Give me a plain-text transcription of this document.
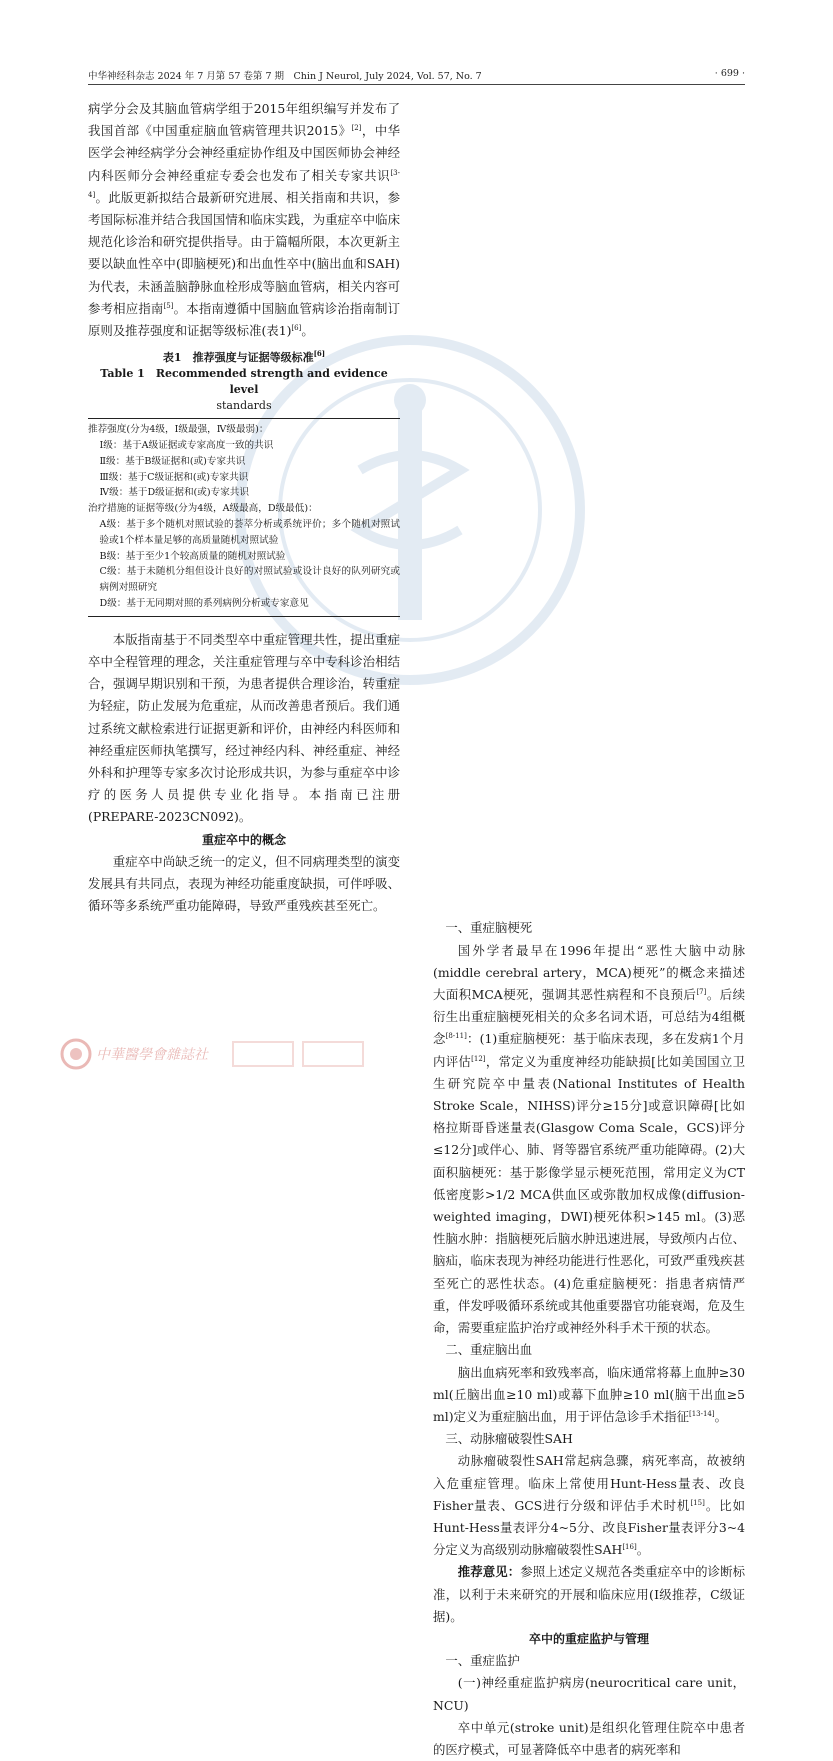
中华神经科杂志 2024 年 7 月第 57 卷第 7 期　Chin J Neurol, July 2024, Vol. 57, No. 7	· 699 ·

病学分会及其脑血管病学组于2015年组织编写并发布了我国首部《中国重症脑血管病管理共识2015》[2]，中华医学会神经病学分会神经重症协作组及中国医师协会神经内科医师分会神经重症专委会也发布了相关专家共识[3-4]。此版更新拟结合最新研究进展、相关指南和共识，参考国际标准并结合我国国情和临床实践，为重症卒中临床规范化诊治和研究提供指导。由于篇幅所限，本次更新主要以缺血性卒中(即脑梗死)和出血性卒中(脑出血和SAH)为代表，未涵盖脑静脉血栓形成等脑血管病，相关内容可参考相应指南[5]。本指南遵循中国脑血管病诊治指南制订原则及推荐强度和证据等级标准(表1)[6]。

表1　推荐强度与证据等级标准[6]
Table 1　Recommended strength and evidence level
standards
推荐强度(分为4级，Ⅰ级最强，Ⅳ级最弱)：
Ⅰ级：基于A级证据或专家高度一致的共识
Ⅱ级：基于B级证据和(或)专家共识
Ⅲ级：基于C级证据和(或)专家共识
Ⅳ级：基于D级证据和(或)专家共识
治疗措施的证据等级(分为4级，A级最高，D级最低)：
A级：基于多个随机对照试验的荟萃分析或系统评价；多个随机对照试验或1个样本量足够的高质量随机对照试验
B级：基于至少1个较高质量的随机对照试验
C级：基于未随机分组但设计良好的对照试验或设计良好的队列研究或病例对照研究
D级：基于无同期对照的系列病例分析或专家意见

本版指南基于不同类型卒中重症管理共性，提出重症卒中全程管理的理念，关注重症管理与卒中专科诊治相结合，强调早期识别和干预，为患者提供合理诊治，转重症为轻症，防止发展为危重症，从而改善患者预后。我们通过系统文献检索进行证据更新和评价，由神经内科医师和神经重症医师执笔撰写，经过神经内科、神经重症、神经外科和护理等专家多次讨论形成共识，为参与重症卒中诊疗的医务人员提供专业化指导。本指南已注册(PREPARE-2023CN092)。

重症卒中的概念

重症卒中尚缺乏统一的定义，但不同病理类型的演变发展具有共同点，表现为神经功能重度缺损，可伴呼吸、循环等多系统严重功能障碍，导致严重残疾甚至死亡。

一、重症脑梗死

国外学者最早在1996年提出“恶性大脑中动脉(middle cerebral artery，MCA)梗死”的概念来描述大面积MCA梗死，强调其恶性病程和不良预后[7]。后续衍生出重症脑梗死相关的众多名词术语，可总结为4组概念[8-11]：(1)重症脑梗死：基于临床表现，多在发病1个月内评估[12]，常定义为重度神经功能缺损[比如美国国立卫生研究院卒中量表(National Institutes of Health Stroke Scale，NIHSS)评分≥15分]或意识障碍[比如格拉斯哥昏迷量表(Glasgow Coma Scale，GCS)评分≤12分]或伴心、肺、肾等器官系统严重功能障碍。(2)大面积脑梗死：基于影像学显示梗死范围，常用定义为CT低密度影>1/2 MCA供血区或弥散加权成像(diffusion-weighted imaging，DWI)梗死体积>145 ml。(3)恶性脑水肿：指脑梗死后脑水肿迅速进展，导致颅内占位、脑疝，临床表现为神经功能进行性恶化，可致严重残疾甚至死亡的恶性状态。(4)危重症脑梗死：指患者病情严重，伴发呼吸循环系统或其他重要器官功能衰竭，危及生命，需要重症监护治疗或神经外科手术干预的状态。

二、重症脑出血

脑出血病死率和致残率高，临床通常将幕上血肿≥30 ml(丘脑出血≥10 ml)或幕下血肿≥10 ml(脑干出血≥5 ml)定义为重症脑出血，用于评估急诊手术指征[13-14]。

三、动脉瘤破裂性SAH

动脉瘤破裂性SAH常起病急骤，病死率高，故被纳入危重症管理。临床上常使用Hunt-Hess量表、改良Fisher量表、GCS进行分级和评估手术时机[15]。比如Hunt-Hess量表评分4~5分、改良Fisher量表评分3~4分定义为高级别动脉瘤破裂性SAH[16]。

推荐意见：参照上述定义规范各类重症卒中的诊断标准，以利于未来研究的开展和临床应用(Ⅰ级推荐，C级证据)。

卒中的重症监护与管理

一、重症监护

(一)神经重症监护病房(neurocritical care unit，NCU)

卒中单元(stroke unit)是组织化管理住院卒中患者的医疗模式，可显著降低卒中患者的病死率和

中華醫學會雜誌社
